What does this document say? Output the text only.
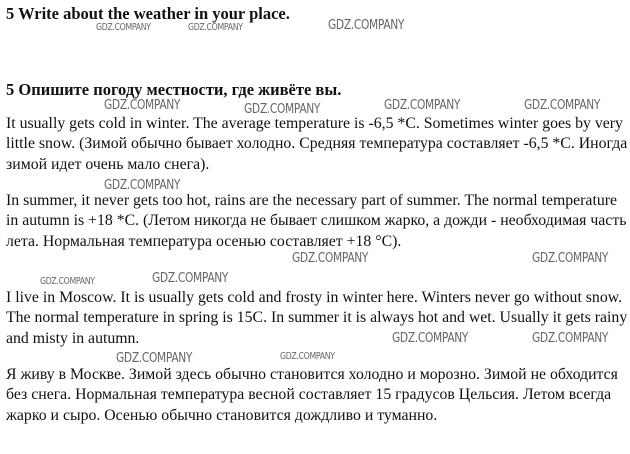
5 Write about the weather in your place.

5 Опишите погоду местности, где живёте вы.

It usually gets cold in winter. The average temperature is -6,5 *C. Sometimes winter goes by very little snow. (Зимой обычно бывает холодно. Средняя температура составляет -6,5 *C. Иногда зимой идет очень мало снега).

In summer, it never gets too hot, rains are the necessary part of summer. The normal temperature in autumn is +18 *C. (Летом никогда не бывает слишком жарко, а дожди - необходимая часть лета. Нормальная температура осенью составляет +18 °C).

I live in Moscow. It is usually gets cold and frosty in winter here. Winters never go without snow. The normal temperature in spring is 15C. In summer it is always hot and wet. Usually it gets rainy and misty in autumn.

Я живу в Москве. Зимой здесь обычно становится холодно и морозно. Зимой не обходится без снега. Нормальная температура весной составляет 15 градусов Цельсия. Летом всегда жарко и сыро. Осенью обычно становится дождливо и туманно.

GDZ.COMPANY	GDZ.COMPANY	GDZ.COMPANY
GDZ.COMPANY	GDZ.COMPANY	GDZ.COMPANY	GDZ.COMPANY
GDZ.COMPANY
GDZ.COMPANY	GDZ.COMPANY
GDZ.COMPANY	GDZ.COMPANY
GDZ.COMPANY	GDZ.COMPANY
GDZ.COMPANY	GDZ.COMPANY
